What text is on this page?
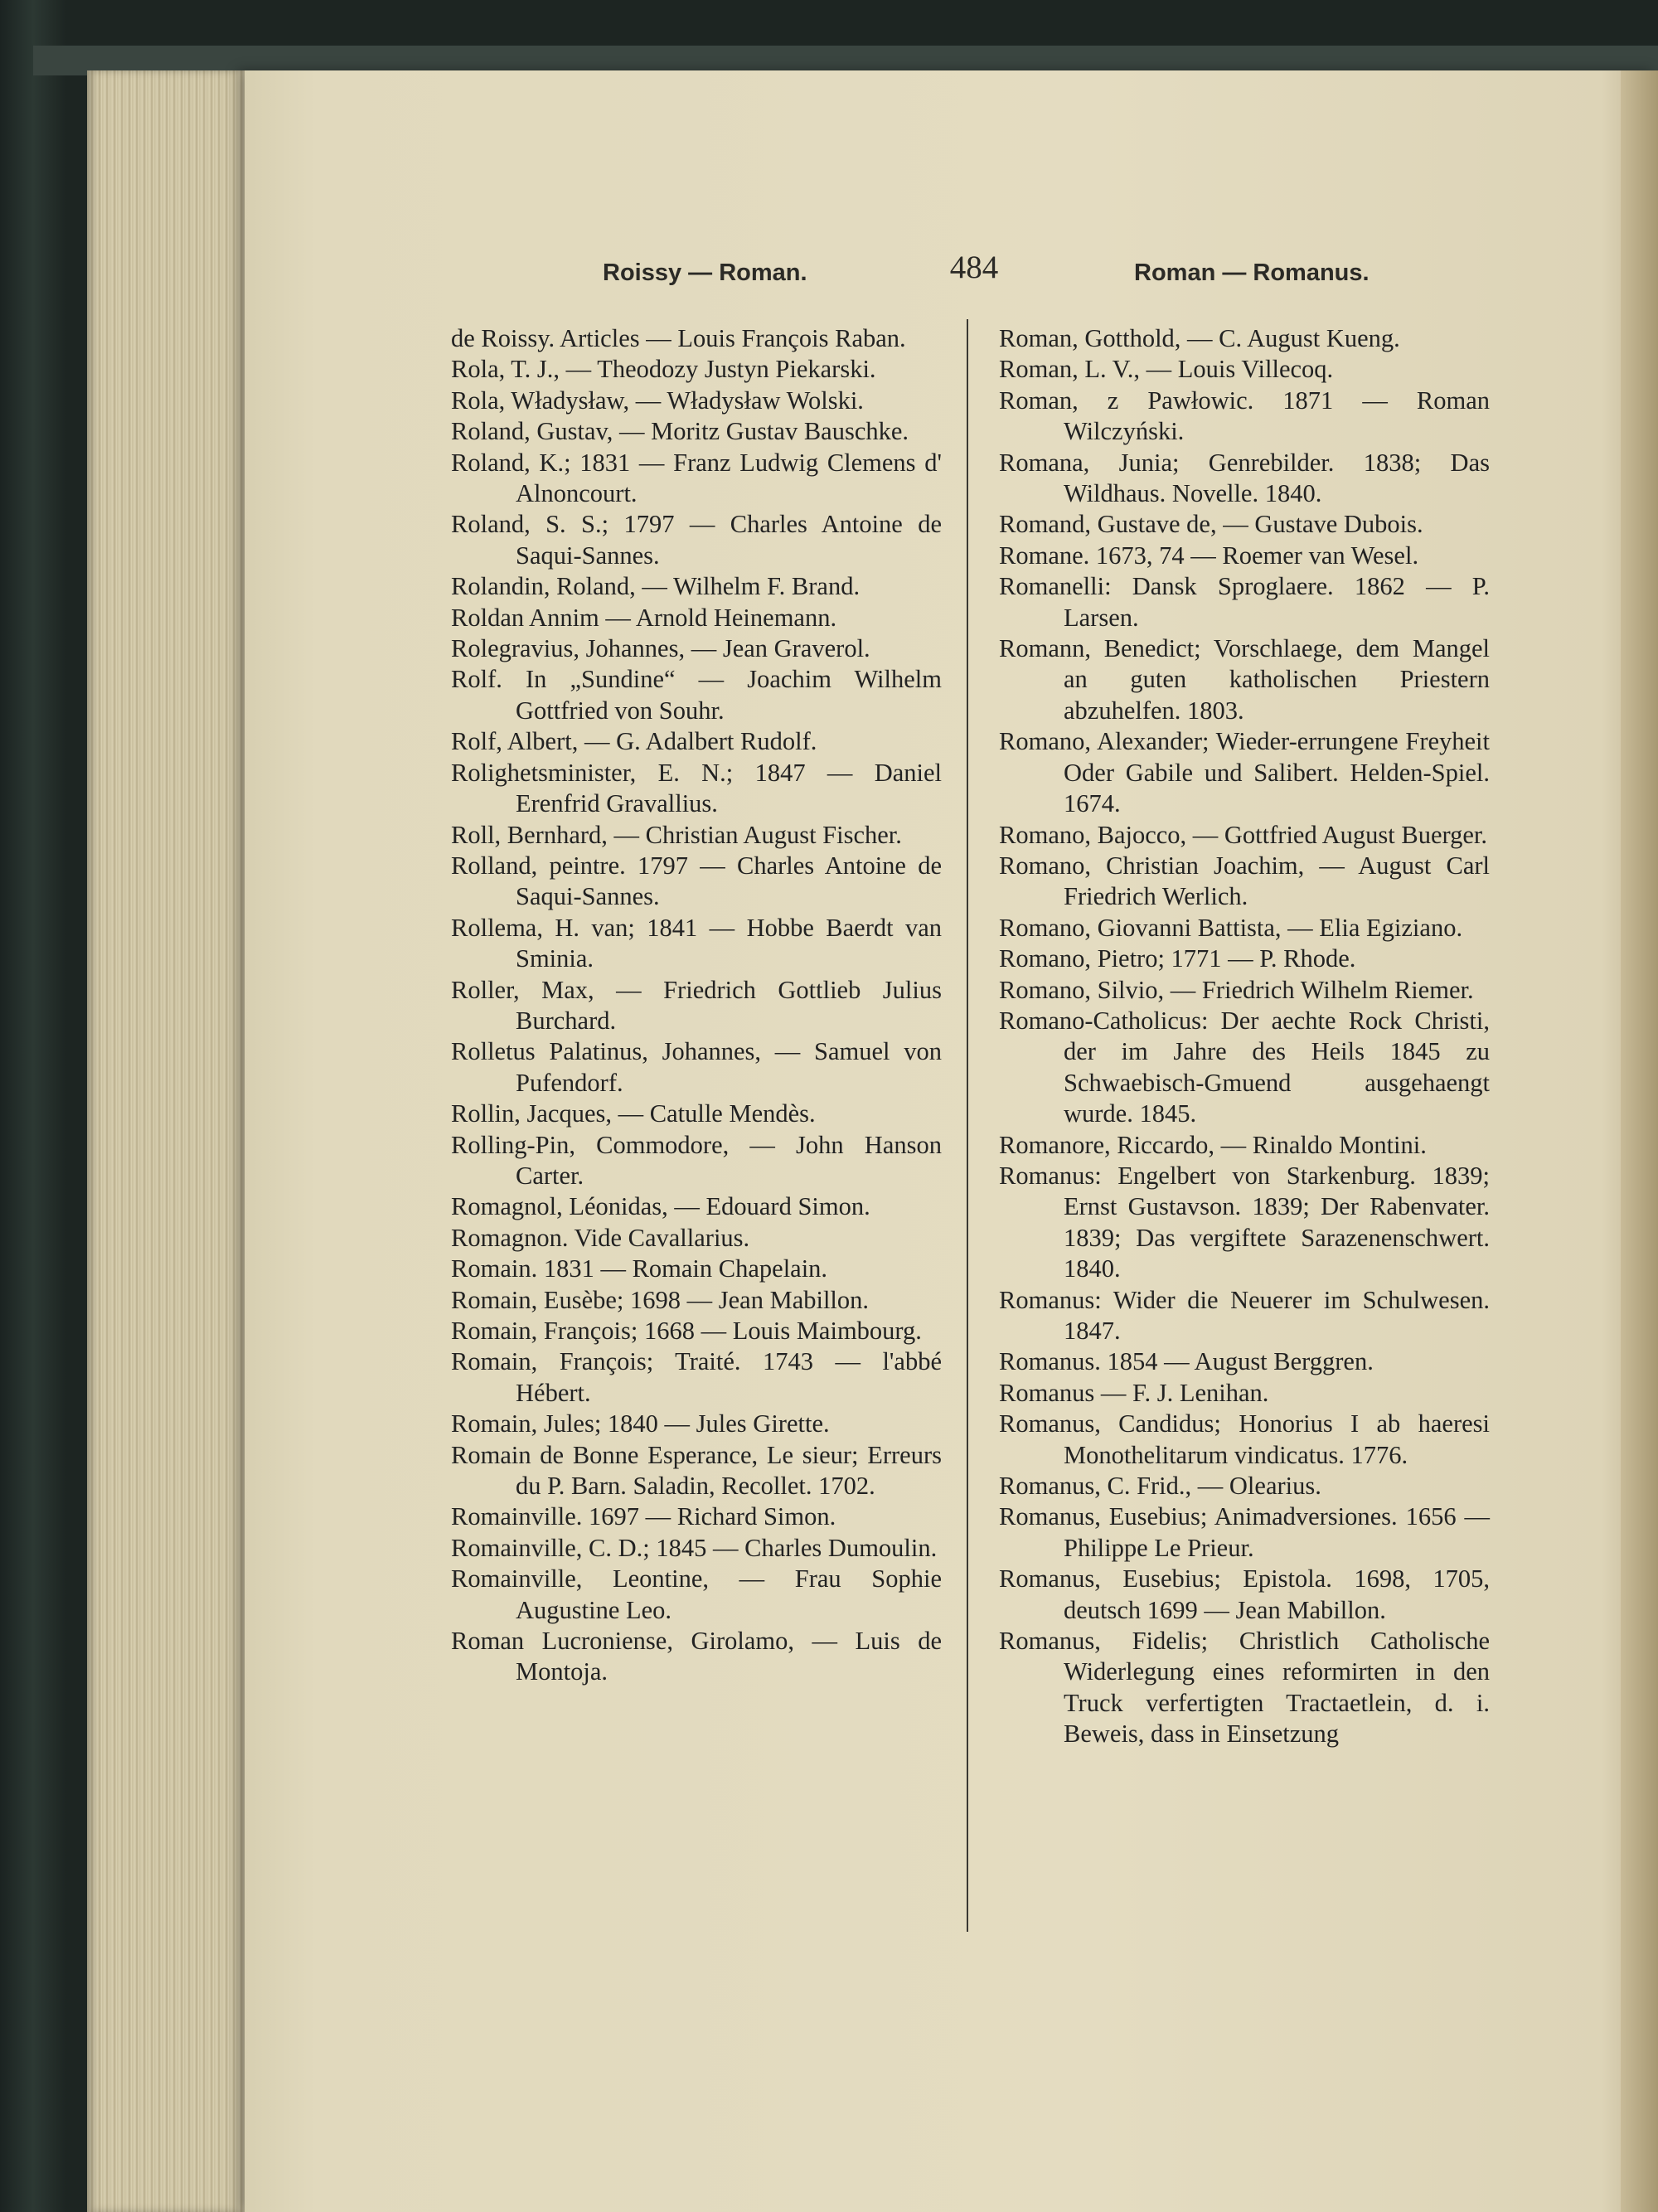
Roissy — Roman.	484	Roman — Romanus.

de Roissy. Articles — Louis François Raban.

Rola, T. J., — Theodozy Justyn Piekarski.

Rola, Władysław, — Władysław Wolski.

Roland, Gustav, — Moritz Gustav Bauschke.

Roland, K.; 1831 — Franz Ludwig Clemens d' Alnoncourt.

Roland, S. S.; 1797 — Charles Antoine de Saqui-Sannes.

Rolandin, Roland, — Wilhelm F. Brand.

Roldan Annim — Arnold Heinemann.

Rolegravius, Johannes, — Jean Graverol.

Rolf. In „Sundine“ — Joachim Wilhelm Gottfried von Souhr.

Rolf, Albert, — G. Adalbert Rudolf.

Rolighetsminister, E. N.; 1847 — Daniel Erenfrid Gravallius.

Roll, Bernhard, — Christian August Fischer.

Rolland, peintre. 1797 — Charles Antoine de Saqui-Sannes.

Rollema, H. van; 1841 — Hobbe Baerdt van Sminia.

Roller, Max, — Friedrich Gottlieb Julius Burchard.

Rolletus Palatinus, Johannes, — Samuel von Pufendorf.

Rollin, Jacques, — Catulle Mendès.

Rolling-Pin, Commodore, — John Hanson Carter.

Romagnol, Léonidas, — Edouard Simon.

Romagnon. Vide Cavallarius.

Romain. 1831 — Romain Chapelain.

Romain, Eusèbe; 1698 — Jean Mabillon.

Romain, François; 1668 — Louis Maimbourg.

Romain, François; Traité. 1743 — l'abbé Hébert.

Romain, Jules; 1840 — Jules Girette.

Romain de Bonne Esperance, Le sieur; Erreurs du P. Barn. Saladin, Recollet. 1702.

Romainville. 1697 — Richard Simon.

Romainville, C. D.; 1845 — Charles Dumoulin.

Romainville, Leontine, — Frau Sophie Augustine Leo.

Roman Lucroniense, Girolamo, — Luis de Montoja.

Roman, Gotthold, — C. August Kueng.

Roman, L. V., — Louis Villecoq.

Roman, z Pawłowic. 1871 — Roman Wilczyński.

Romana, Junia; Genrebilder. 1838; Das Wildhaus. Novelle. 1840.

Romand, Gustave de, — Gustave Dubois.

Romane. 1673, 74 — Roemer van Wesel.

Romanelli: Dansk Sproglaere. 1862 — P. Larsen.

Romann, Benedict; Vorschlaege, dem Mangel an guten katholischen Priestern abzuhelfen. 1803.

Romano, Alexander; Wieder-errungene Freyheit Oder Gabile und Salibert. Helden-Spiel. 1674.

Romano, Bajocco, — Gottfried August Buerger.

Romano, Christian Joachim, — August Carl Friedrich Werlich.

Romano, Giovanni Battista, — Elia Egiziano.

Romano, Pietro; 1771 — P. Rhode.

Romano, Silvio, — Friedrich Wilhelm Riemer.

Romano-Catholicus: Der aechte Rock Christi, der im Jahre des Heils 1845 zu Schwaebisch-Gmuend ausgehaengt wurde. 1845.

Romanore, Riccardo, — Rinaldo Montini.

Romanus: Engelbert von Starkenburg. 1839; Ernst Gustavson. 1839; Der Rabenvater. 1839; Das vergiftete Sarazenenschwert. 1840.

Romanus: Wider die Neuerer im Schulwesen. 1847.

Romanus. 1854 — August Berggren.

Romanus — F. J. Lenihan.

Romanus, Candidus; Honorius I ab haeresi Monothelitarum vindicatus. 1776.

Romanus, C. Frid., — Olearius.

Romanus, Eusebius; Animadversiones. 1656 — Philippe Le Prieur.

Romanus, Eusebius; Epistola. 1698, 1705, deutsch 1699 — Jean Mabillon.

Romanus, Fidelis; Christlich Catholische Widerlegung eines reformirten in den Truck verfertigten Tractaetlein, d. i. Beweis, dass in Einsetzung
